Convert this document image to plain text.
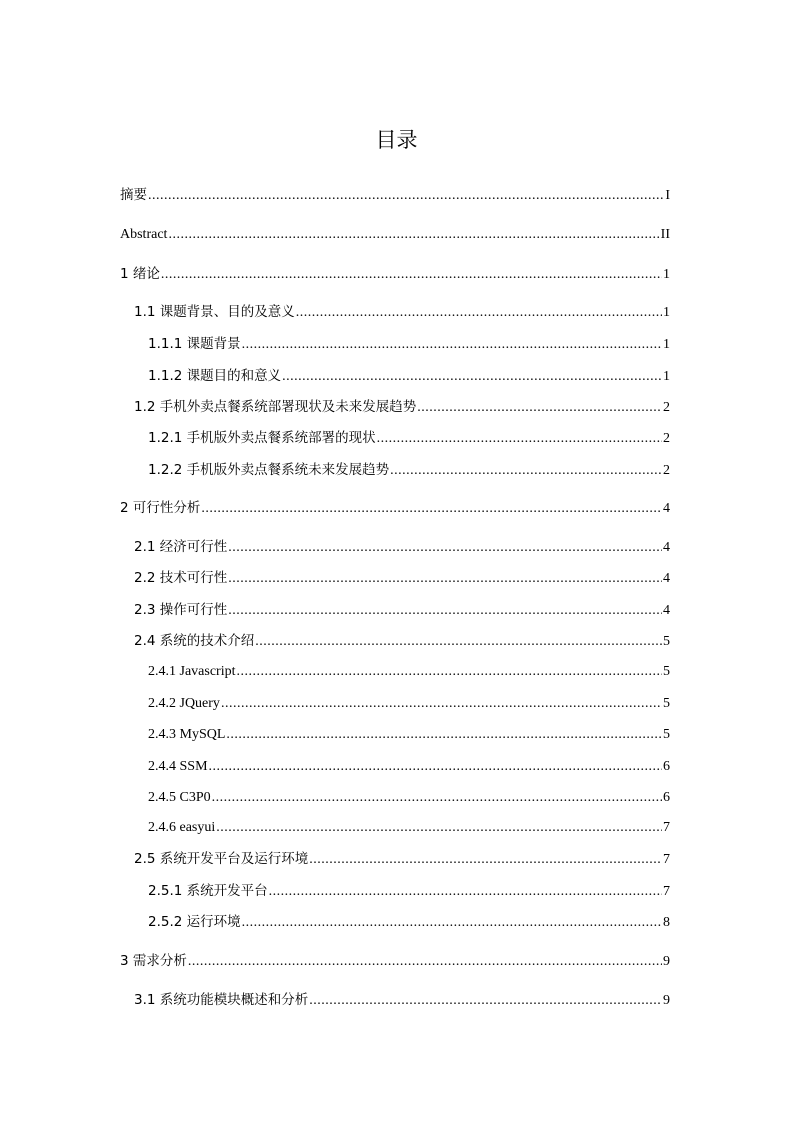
目录
摘要 .....	I
Abstract .....	II
1 绪论 .....	1
1.1 课题背景、目的及意义 .....	1
1.1.1 课题背景 .....	1
1.1.2 课题目的和意义 .....	1
1.2 手机外卖点餐系统部署现状及未来发展趋势 .....	2
1.2.1 手机版外卖点餐系统部署的现状 .....	2
1.2.2 手机版外卖点餐系统未来发展趋势 .....	2
2 可行性分析 .....	4
2.1 经济可行性 .....	4
2.2 技术可行性 .....	4
2.3 操作可行性 .....	4
2.4 系统的技术介绍 .....	5
2.4.1 Javascript .....	5
2.4.2 JQuery .....	5
2.4.3 MySQL .....	5
2.4.4 SSM .....	6
2.4.5 C3P0 .....	6
2.4.6 easyui .....	7
2.5 系统开发平台及运行环境 .....	7
2.5.1 系统开发平台 .....	7
2.5.2 运行环境 .....	8
3 需求分析 .....	9
3.1 系统功能模块概述和分析 .....	9
